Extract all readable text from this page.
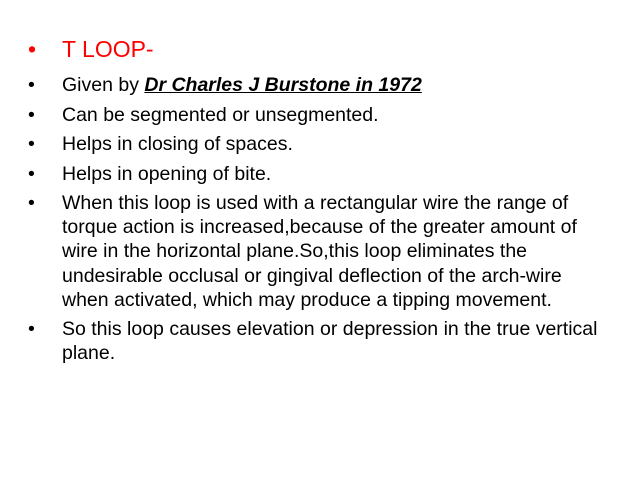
•	T LOOP-
•	Given by Dr Charles J Burstone in 1972
•	Can be segmented or unsegmented.
•	Helps in closing of spaces.
•	Helps in opening of bite.
•	When this loop is used with a rectangular wire the range of torque action is increased,because of the greater amount of wire in the horizontal plane.So,this loop eliminates the undesirable occlusal or gingival deflection of the arch-wire when activated, which may produce a tipping movement.
•	So this loop causes elevation or depression in the true vertical plane.
